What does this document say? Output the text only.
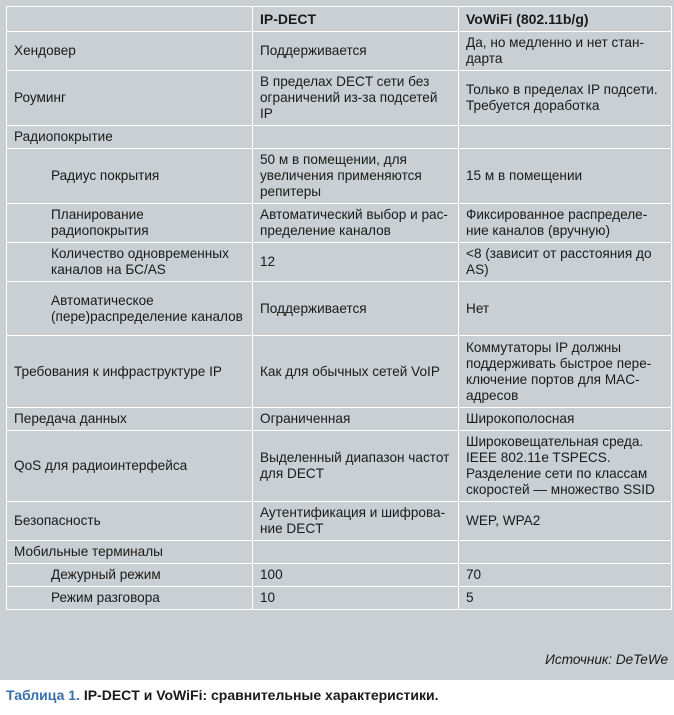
	IP-DECT	VoWiFi (802.11b/g)
Хендовер	Поддерживается	Да, но медленно и нет стан-дарта
Роуминг	В пределах DECT сети без ограничений из-за подсетей IP	Только в пределах IP подсети. Требуется доработка
Радиопокрытие		
Радиус покрытия	50 м в помещении, для увеличения применяются репитеры	15 м в помещении
Планирование радиопокрытия	Автоматический выбор и рас-пределение каналов	Фиксированное распределе-ние каналов (вручную)
Количество одновременных каналов на БС/AS	12	<8 (зависит от расстояния до AS)
Автоматическое (пере)распределение каналов	Поддерживается	Нет
Требования к инфраструктуре IP	Как для обычных сетей VoIP	Коммутаторы IP должны поддерживать быстрое пере-ключение портов для MAC-адресов
Передача данных	Ограниченная	Широкополосная
QoS для радиоинтерфейса	Выделенный диапазон частот для DECT	Широковещательная среда. IEEE 802.11e TSPECS. Разделение сети по классам скоростей — множество SSID
Безопасность	Аутентификация и шифрова-ние DECT	WEP, WPA2
Мобильные терминалы		
Дежурный режим	100	70
Режим разговора	10	5
Источник: DeTeWe
Таблица 1. IP-DECT и VoWiFi: сравнительные характеристики.
